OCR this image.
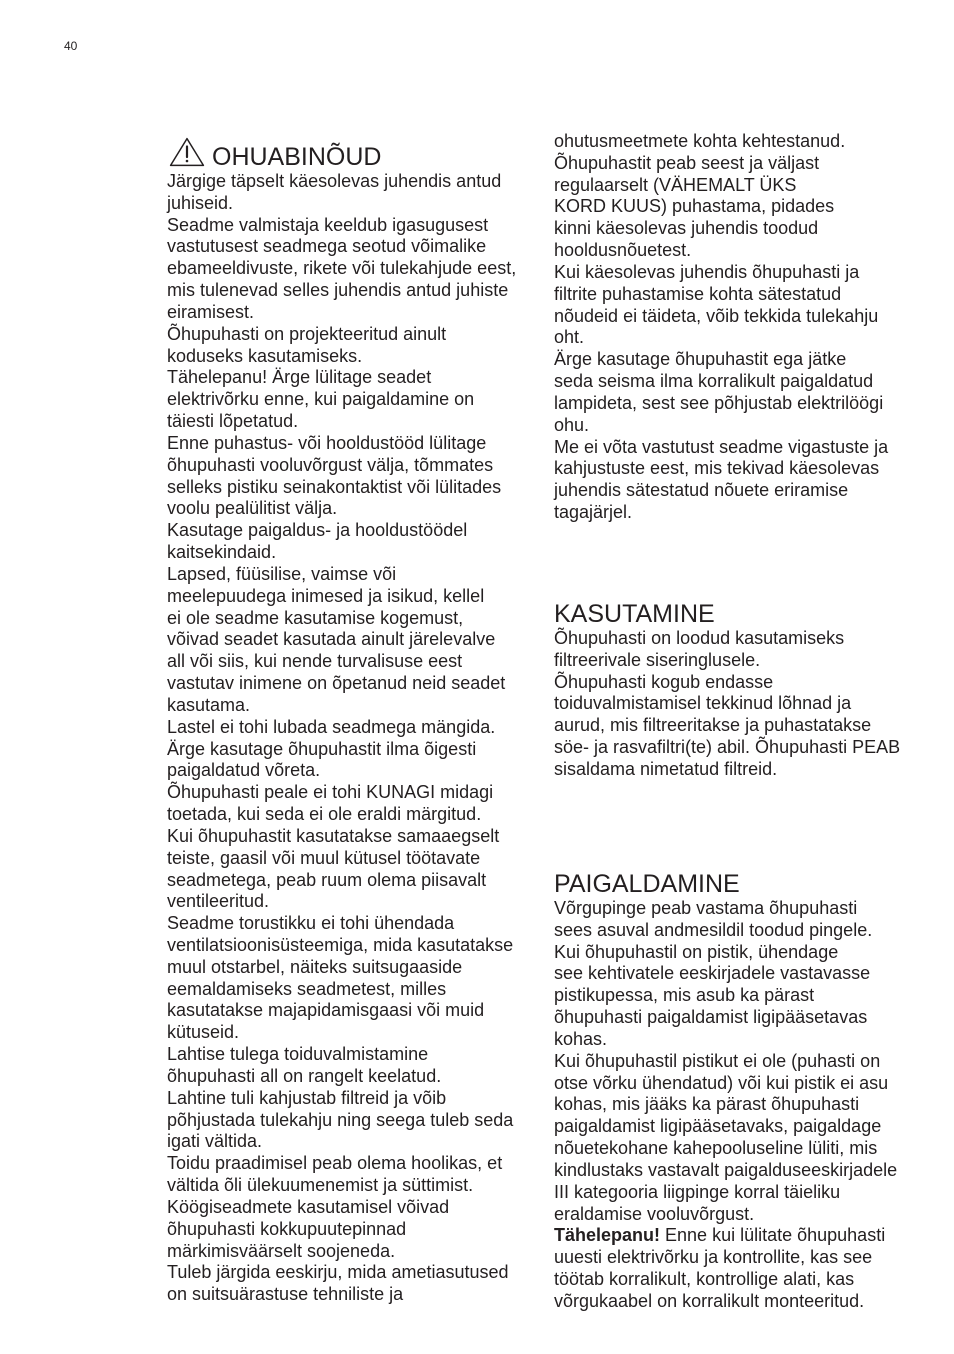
40
OHUABINÕUD

Järgige täpselt käesolevas juhendis antud
juhiseid.

Seadme valmistaja keeldub igasugusest
vastutusest seadmega seotud võimalike
ebameeldivuste, rikete või tulekahjude eest,
mis tulenevad selles juhendis antud juhiste
eiramisest.

Õhupuhasti on projekteeritud ainult
koduseks kasutamiseks.

Tähelepanu! Ärge lülitage seadet
elektrivõrku enne, kui paigaldamine on
täiesti lõpetatud.

Enne puhastus- või hooldustööd lülitage
õhupuhasti vooluvõrgust välja, tõmmates
selleks pistiku seinakontaktist või lülitades
voolu pealülitist välja.

Kasutage paigaldus- ja hooldustöödel
kaitsekindaid.

Lapsed, füüsilise, vaimse või
meelepuudega inimesed ja isikud, kellel
ei ole seadme kasutamise kogemust,
võivad seadet kasutada ainult järelevalve
all või siis, kui nende turvalisuse eest
vastutav inimene on õpetanud neid seadet
kasutama.

Lastel ei tohi lubada seadmega mängida.

Ärge kasutage õhupuhastit ilma õigesti
paigaldatud võreta.

Õhupuhasti peale ei tohi KUNAGI midagi
toetada, kui seda ei ole eraldi märgitud.

Kui õhupuhastit kasutatakse samaaegselt
teiste, gaasil või muul kütusel töötavate
seadmetega, peab ruum olema piisavalt
ventileeritud.

Seadme torustikku ei tohi ühendada
ventilatsioonisüsteemiga, mida kasutatakse
muul otstarbel, näiteks suitsugaaside
eemaldamiseks seadmetest, milles
kasutatakse majapidamisgaasi või muid
kütuseid.

Lahtise tulega toiduvalmistamine
õhupuhasti all on rangelt keelatud.

Lahtine tuli kahjustab filtreid ja võib
põhjustada tulekahju ning seega tuleb seda
igati vältida.

Toidu praadimisel peab olema hoolikas, et
vältida õli ülekuumenemist ja süttimist.

Köögiseadmete kasutamisel võivad
õhupuhasti kokkupuutepinnad
märkimisväärselt soojeneda.

Tuleb järgida eeskirju, mida ametiasutused
on suitsuärastuse tehniliste ja

ohutusmeetmete kohta kehtestanud.

Õhupuhastit peab seest ja väljast
regulaarselt (VÄHEMALT ÜKS
KORD KUUS) puhastama, pidades
kinni käesolevas juhendis toodud
hooldusnõuetest.

Kui käesolevas juhendis õhupuhasti ja
filtrite puhastamise kohta sätestatud
nõudeid ei täideta, võib tekkida tulekahju
oht.

Ärge kasutage õhupuhastit ega jätke
seda seisma ilma korralikult paigaldatud
lampideta, sest see põhjustab elektrilöögi
ohu.

Me ei võta vastutust seadme vigastuste ja
kahjustuste eest, mis tekivad käesolevas
juhendis sätestatud nõuete eriramise
tagajärjel.

KASUTAMINE

Õhupuhasti on loodud kasutamiseks
filtreerivale siseringlusele.

Õhupuhasti kogub endasse
toiduvalmistamisel tekkinud lõhnad ja
aurud, mis filtreeritakse ja puhastatakse
söe- ja rasvafiltri(te) abil. Õhupuhasti PEAB
sisaldama nimetatud filtreid.

PAIGALDAMINE

Võrgupinge peab vastama õhupuhasti
sees asuval andmesildil toodud pingele.

Kui õhupuhastil on pistik, ühendage
see kehtivatele eeskirjadele vastavasse
pistikupessa, mis asub ka pärast
õhupuhasti paigaldamist ligipääsetavas
kohas.

Kui õhupuhastil pistikut ei ole (puhasti on
otse võrku ühendatud) või kui pistik ei asu
kohas, mis jääks ka pärast õhupuhasti
paigaldamist ligipääsetavaks, paigaldage
nõuetekohane kahepooluseline lüliti, mis
kindlustaks vastavalt paigalduseeskirjadele
III kategooria liigpinge korral täieliku
eraldamise vooluvõrgust.

Tähelepanu! Enne kui lülitate õhupuhasti
uuesti elektrivõrku ja kontrollite, kas see
töötab korralikult, kontrollige alati, kas
võrgukaabel on korralikult monteeritud.
